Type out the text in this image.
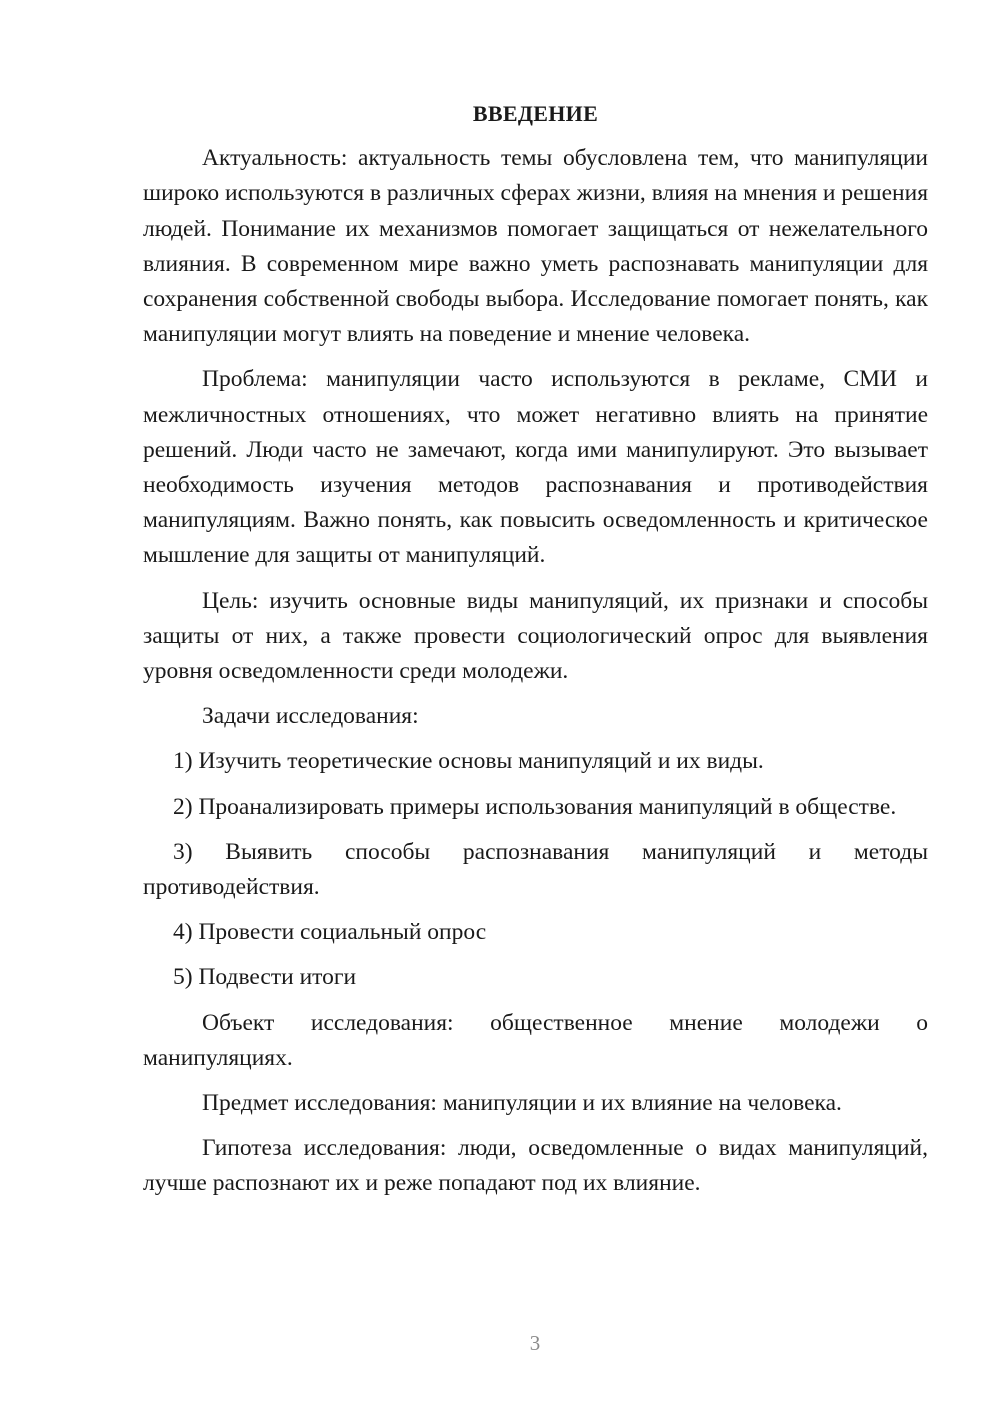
ВВЕДЕНИЕ

Актуальность: актуальность темы обусловлена тем, что манипуляции широко используются в различных сферах жизни, влияя на мнения и решения людей. Понимание их механизмов помогает защищаться от нежелательного влияния. В современном мире важно уметь распознавать манипуляции для сохранения собственной свободы выбора. Исследование помогает понять, как манипуляции могут влиять на поведение и мнение человека.

Проблема: манипуляции часто используются в рекламе, СМИ и межличностных отношениях, что может негативно влиять на принятие решений. Люди часто не замечают, когда ими манипулируют. Это вызывает необходимость изучения методов распознавания и противодействия манипуляциям. Важно понять, как повысить осведомленность и критическое мышление для защиты от манипуляций.

Цель: изучить основные виды манипуляций, их признаки и способы защиты от них, а также провести социологический опрос для выявления уровня осведомленности среди молодежи.

Задачи исследования:

1) Изучить теоретические основы манипуляций и их виды.

2) Проанализировать примеры использования манипуляций в обществе.

3) Выявить способы распознавания манипуляций и методы противодействия.

4) Провести социальный опрос

5) Подвести итоги

Объект исследования: общественное мнение молодежи о манипуляциях.

Предмет исследования: манипуляции и их влияние на человека.

Гипотеза исследования: люди, осведомленные о видах манипуляций, лучше распознают их и реже попадают под их влияние.

3
